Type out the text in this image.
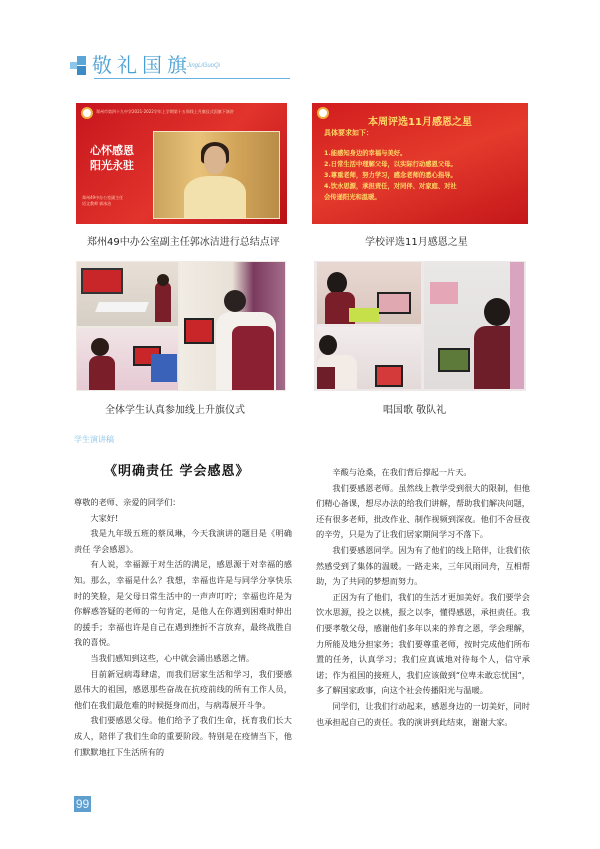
敬礼国旗
JingLiGuoQi
郑州市第四十九中学2021-2022学年上学期第十五周线上升旗仪式国旗下演讲
心怀感恩
阳光永驻
郑州49中办公室副主任
语文教师 郭冰洁
郑州49中办公室副主任郭冰洁进行总结点评
本周评选11月感恩之星
具体要求如下：
1.能感知身边的幸福与美好。
2.日常生活中理解父母，以实际行动感恩父母。
3.尊重老师，努力学习，感念老师的悉心指导。
4.饮水思源，承担责任，对同伴、对家庭、对社
会传递阳光和温暖。
学校评选11月感恩之星
全体学生认真参加线上升旗仪式	唱国歌 敬队礼
学生演讲稿
《明确责任 学会感恩》

尊敬的老师、亲爱的同学们：

大家好!

我是九年级五班的蔡凤琳，今天我演讲的题目是《明确责任 学会感恩》。

有人说，幸福源于对生活的满足，感恩源于对幸福的感知。那么，幸福是什么？我想，幸福也许是与同学分享快乐时的笑脸，是父母日常生活中的一声声叮咛；幸福也许是为你解惑答疑的老师的一句肯定，是他人在你遇到困难时伸出的援手；幸福也许是自己在遇到挫折不言放弃，最终战胜自我的喜悦。

当我们感知到这些，心中就会涌出感恩之情。

目前新冠病毒肆虐，而我们居家生活和学习，我们要感恩伟大的祖国，感恩那些奋战在抗疫前线的所有工作人员，他们在我们最危难的时候挺身而出，与病毒展开斗争。

我们要感恩父母。他们给予了我们生命，抚育我们长大成人，陪伴了我们生命的重要阶段。特别是在疫情当下，他们默默地扛下生活所有的

辛酸与沧桑，在我们背后撑起一片天。

我们要感恩老师。虽然线上教学受到很大的限制，但他们精心备课，想尽办法的给我们讲解，帮助我们解决问题，还有很多老师，批改作业、制作视频到深夜。他们不舍昼夜的辛劳，只是为了让我们居家期间学习不落下。

我们要感恩同学。因为有了他们的线上陪伴，让我们依然感受到了集体的温暖。一路走来，三年风雨同舟，互相帮助，为了共同的梦想而努力。

正因为有了他们，我们的生活才更加美好。我们要学会饮水思源，投之以桃，报之以李，懂得感恩，承担责任。我们要孝敬父母，感谢他们多年以来的养育之恩，学会理解，力所能及地分担家务；我们要尊重老师，按时完成他们所布置的任务，认真学习；我们应真诚地对待每个人，信守承诺；作为祖国的接班人，我们应该做到“位卑未敢忘忧国”，多了解国家政事，向这个社会传播阳光与温暖。

同学们，让我们行动起来，感恩身边的一切美好，同时也承担起自己的责任。我的演讲到此结束，谢谢大家。

99
